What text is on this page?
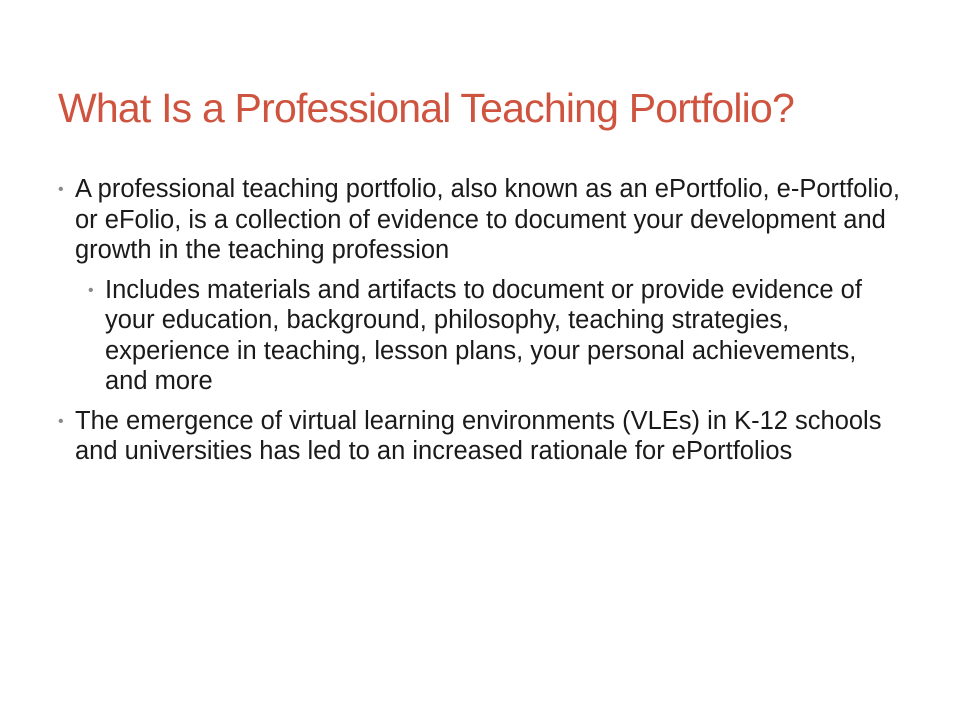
What Is a Professional Teaching Portfolio?
• A professional teaching portfolio, also known as an ePortfolio, e-Portfolio, or eFolio, is a collection of evidence to document your development and growth in the teaching profession
• Includes materials and artifacts to document or provide evidence of your education, background, philosophy, teaching strategies, experience in teaching, lesson plans, your personal achievements, and more
• The emergence of virtual learning environments (VLEs) in K-12 schools and universities has led to an increased rationale for ePortfolios
